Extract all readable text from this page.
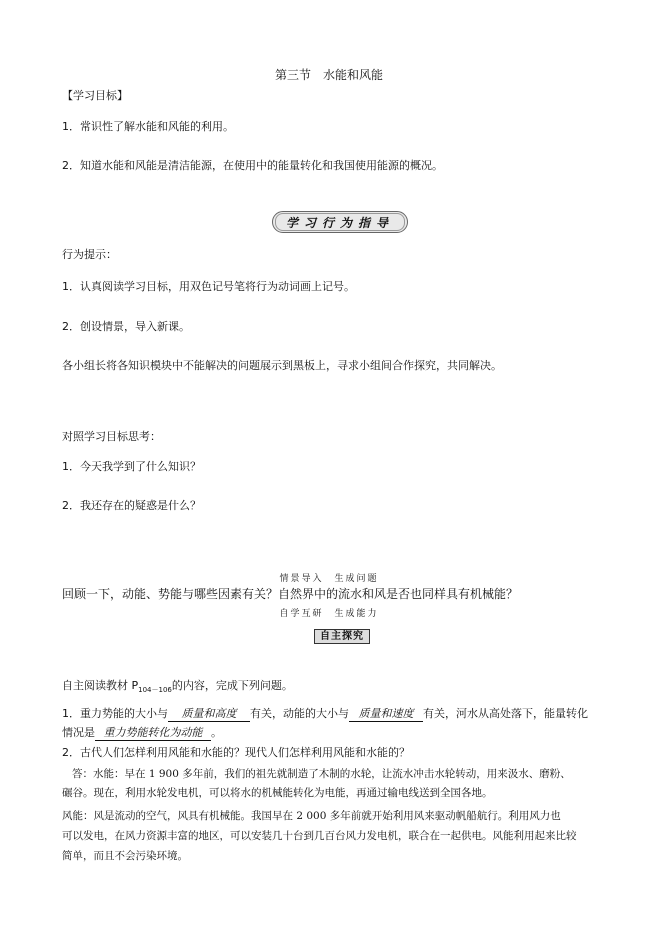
第三节　水能和风能
【学习目标】
1．常识性了解水能和风能的利用。
2．知道水能和风能是清洁能源，在使用中的能量转化和我国使用能源的概况。
学习行为指导
行为提示：
1．认真阅读学习目标，用双色记号笔将行为动词画上记号。
2．创设情景，导入新课。
各小组长将各知识模块中不能解决的问题展示到黑板上，寻求小组间合作探究，共同解决。
对照学习目标思考：
1．今天我学到了什么知识？
2．我还存在的疑惑是什么？
情景导入　生成问题
回顾一下，动能、势能与哪些因素有关？自然界中的流水和风是否也同样具有机械能？
自学互研　生成能力
自主探究
自主阅读教材 $P_{104-106}$的内容，完成下列问题。
1．重力势能的大小与 质量和高度 有关，动能的大小与 质量和速度 有关，河水从高处落下，能量转化
情况是 重力势能转化为动能 。
2．古代人们怎样利用风能和水能的？现代人们怎样利用风能和水能的？
答：水能：早在 1 900 多年前，我们的祖先就制造了木制的水轮，让流水冲击水轮转动，用来汲水、磨粉、
碾谷。现在，利用水轮发电机，可以将水的机械能转化为电能，再通过输电线送到全国各地。
风能：风是流动的空气，风具有机械能。我国早在 2 000 多年前就开始利用风来驱动帆船航行。利用风力也
可以发电，在风力资源丰富的地区，可以安装几十台到几百台风力发电机，联合在一起供电。风能利用起来比较
简单，而且不会污染环境。
